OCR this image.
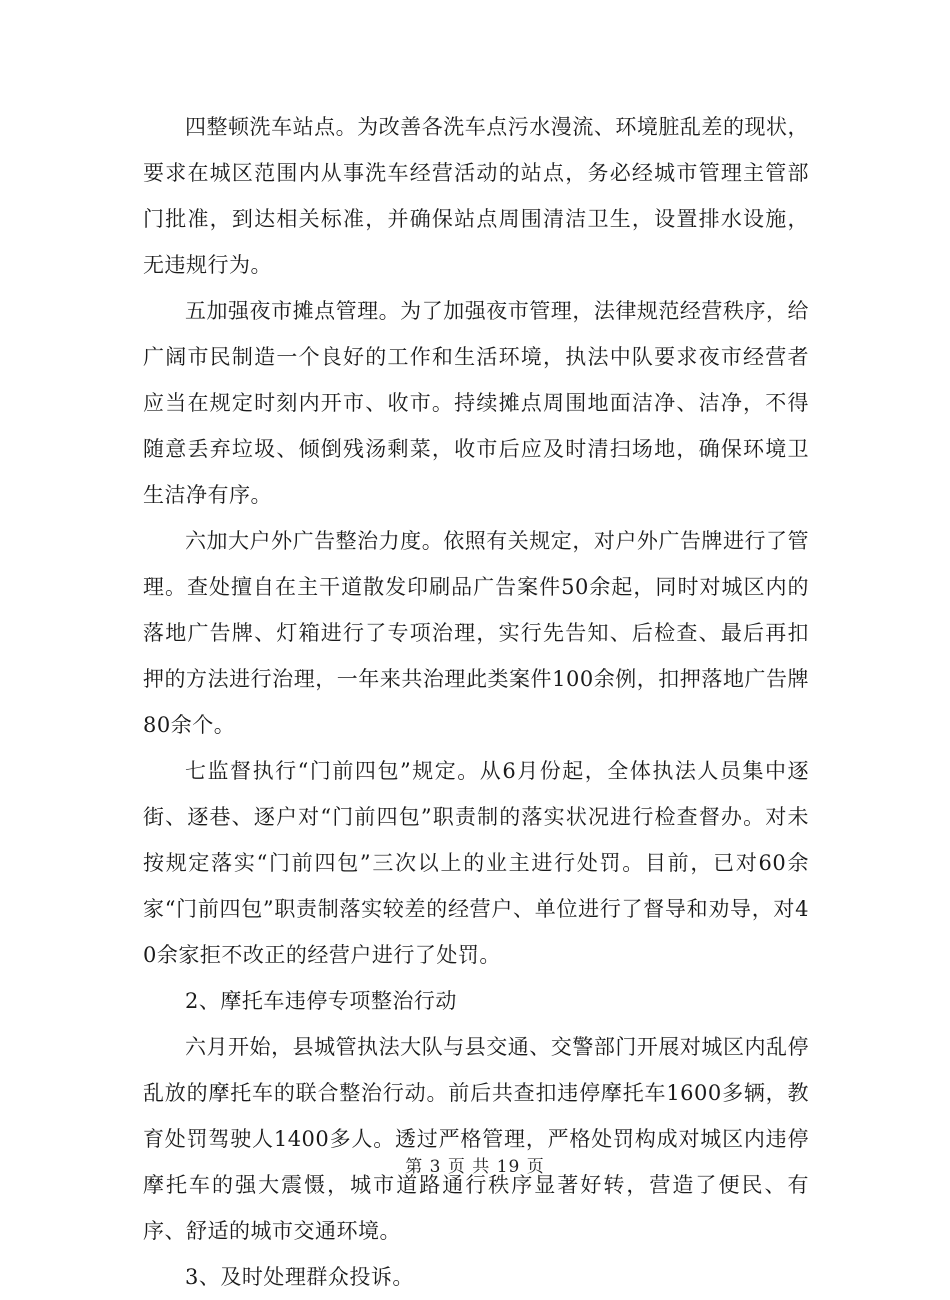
四整顿洗车站点。为改善各洗车点污水漫流、环境脏乱差的现状，要求在城区范围内从事洗车经营活动的站点，务必经城市管理主管部门批准，到达相关标准，并确保站点周围清洁卫生，设置排水设施，无违规行为。

五加强夜市摊点管理。为了加强夜市管理，法律规范经营秩序，给广阔市民制造一个良好的工作和生活环境，执法中队要求夜市经营者应当在规定时刻内开市、收市。持续摊点周围地面洁净、洁净，不得随意丢弃垃圾、倾倒残汤剩菜，收市后应及时清扫场地，确保环境卫生洁净有序。

六加大户外广告整治力度。依照有关规定，对户外广告牌进行了管理。查处擅自在主干道散发印刷品广告案件50余起，同时对城区内的落地广告牌、灯箱进行了专项治理，实行先告知、后检查、最后再扣押的方法进行治理，一年来共治理此类案件100余例，扣押落地广告牌80余个。

七监督执行“门前四包”规定。从6月份起，全体执法人员集中逐街、逐巷、逐户对“门前四包”职责制的落实状况进行检查督办。对未按规定落实“门前四包”三次以上的业主进行处罚。目前，已对60余家“门前四包”职责制落实较差的经营户、单位进行了督导和劝导，对40余家拒不改正的经营户进行了处罚。

2、摩托车违停专项整治行动

六月开始，县城管执法大队与县交通、交警部门开展对城区内乱停乱放的摩托车的联合整治行动。前后共查扣违停摩托车1600多辆，教育处罚驾驶人1400多人。透过严格管理，严格处罚构成对城区内违停摩托车的强大震慑，城市道路通行秩序显著好转，营造了便民、有序、舒适的城市交通环境。

3、及时处理群众投诉。

第 3 页 共 19 页
